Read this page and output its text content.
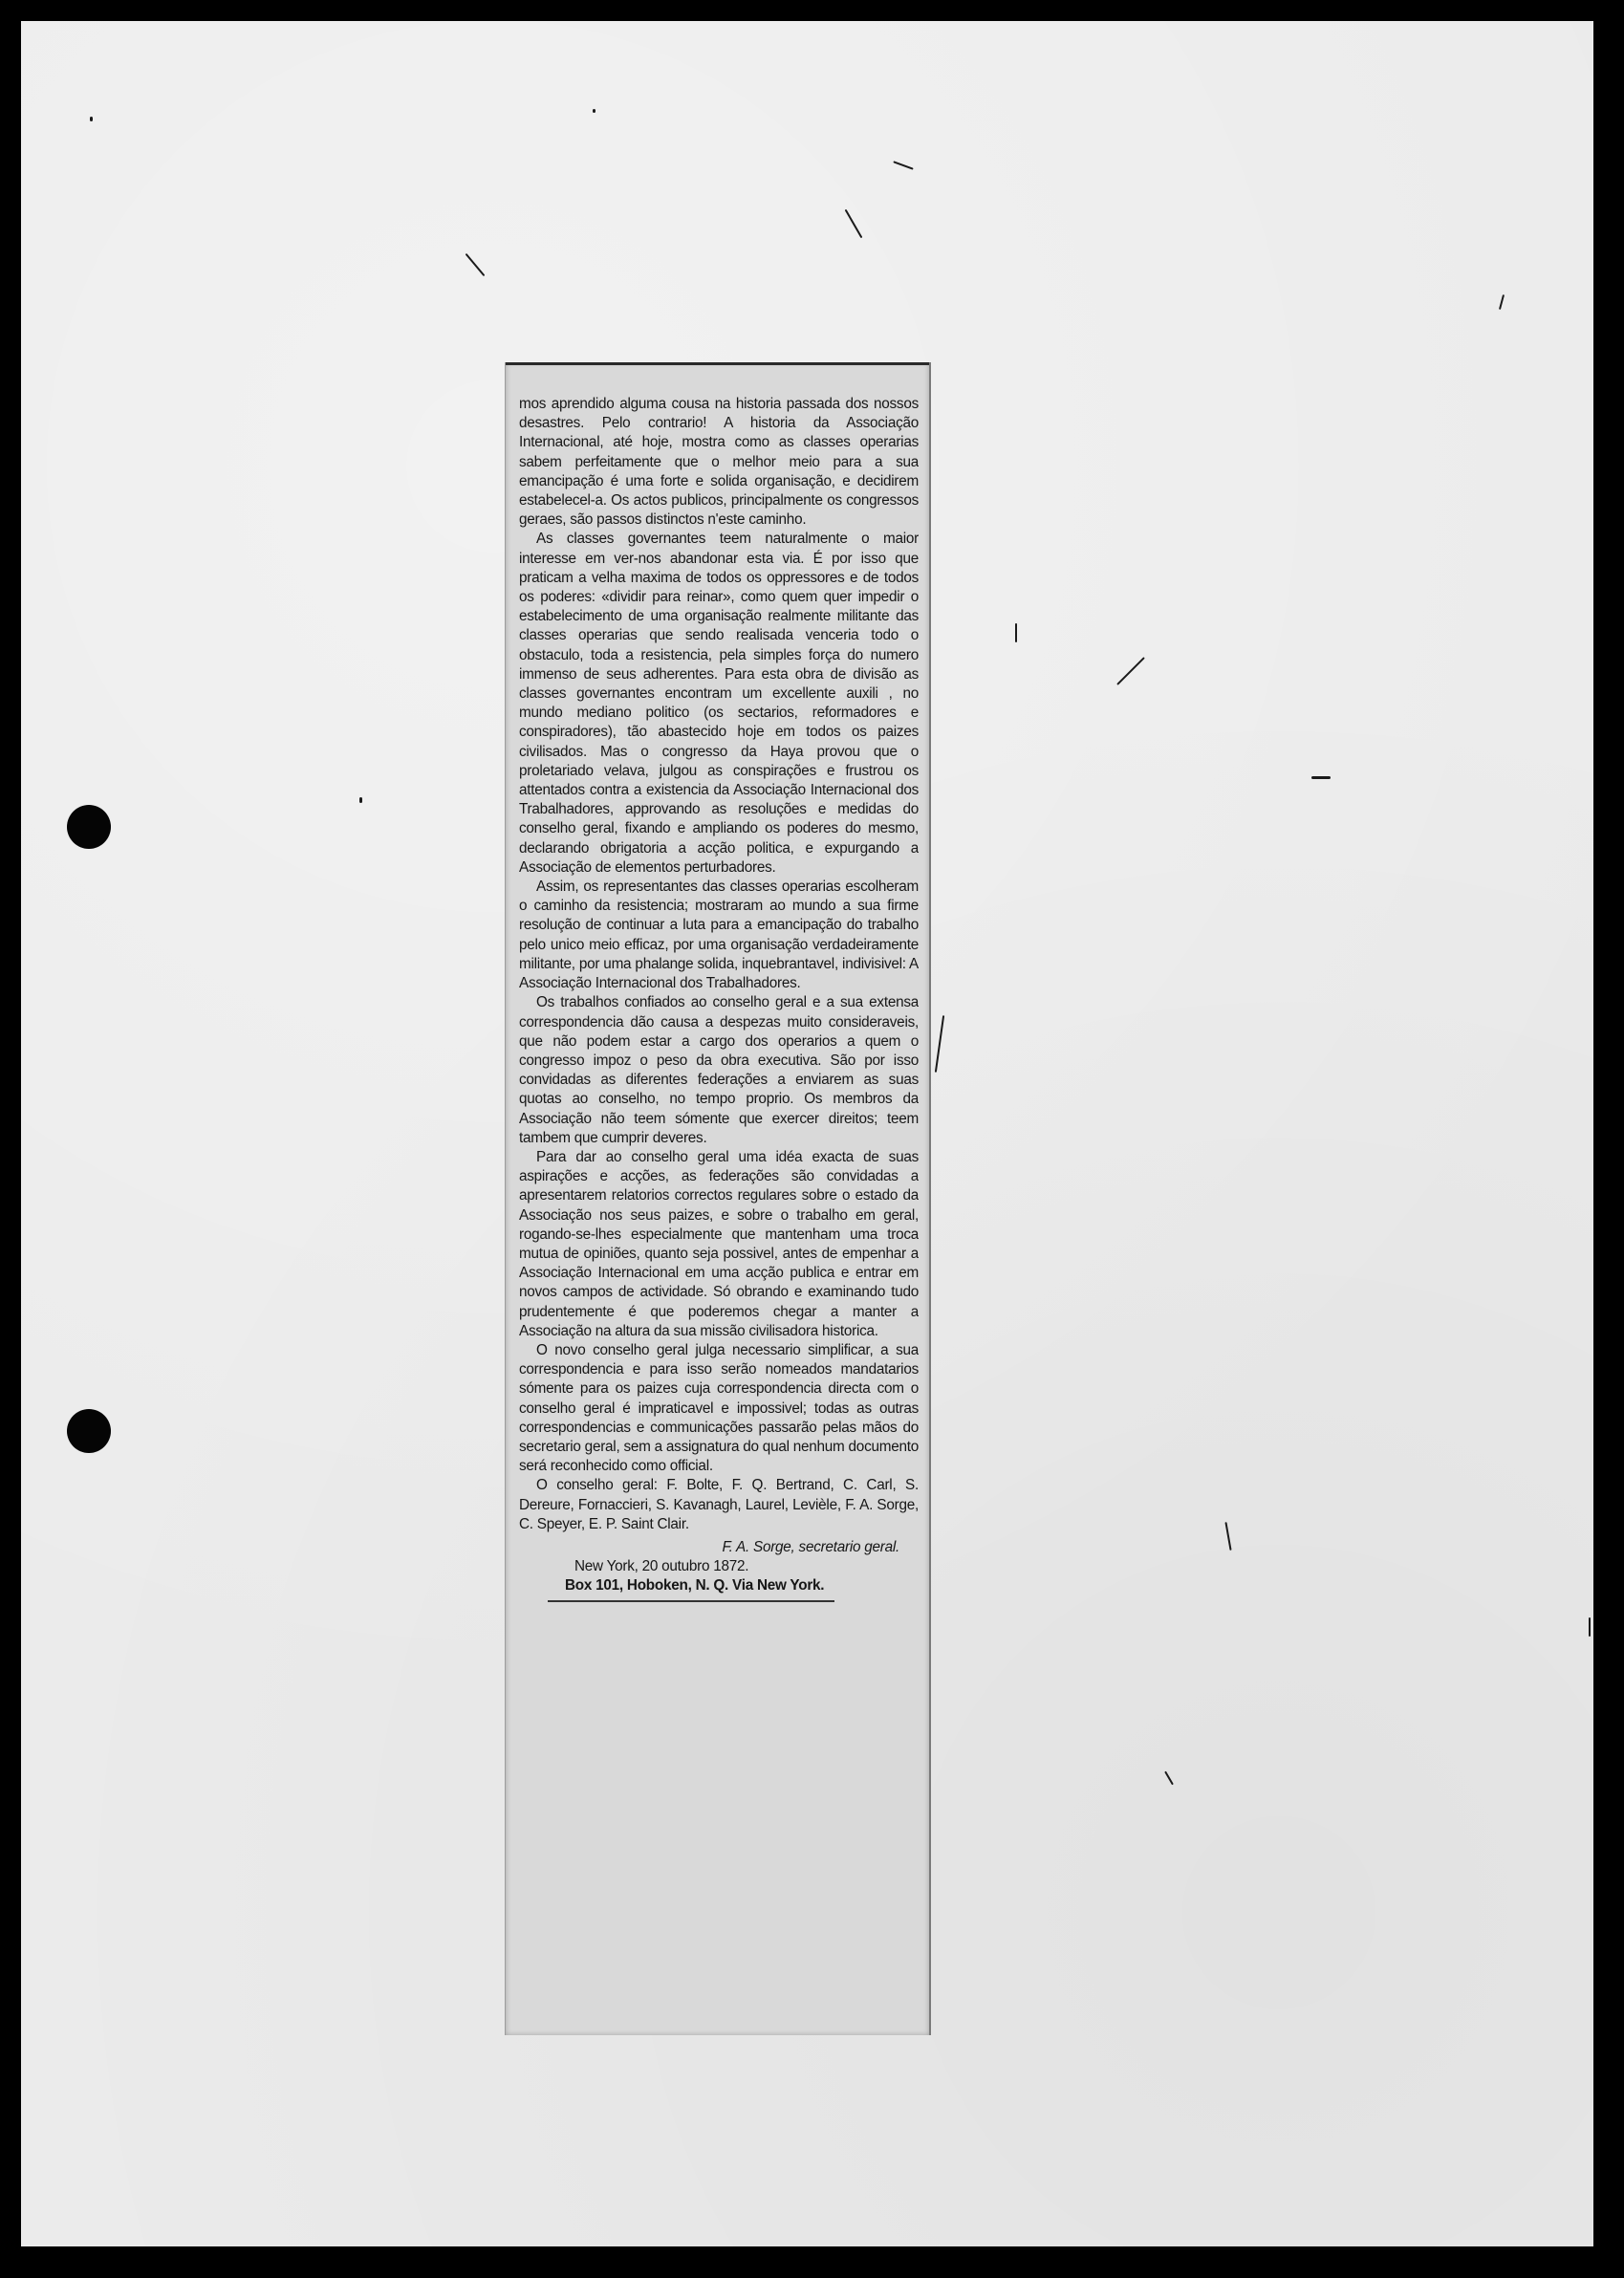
mos aprendido alguma cousa na historia passada dos nossos desastres. Pelo contrario! A historia da Associação Internacional, até hoje, mostra como as classes operarias sabem perfeitamente que o melhor meio para a sua emancipação é uma forte e solida organisação, e decidirem estabelecel-a. Os actos publicos, principalmente os congressos geraes, são passos distinctos n'este caminho.

As classes governantes teem naturalmente o maior interesse em ver-nos abandonar esta via. É por isso que praticam a velha maxima de todos os oppressores e de todos os poderes: «dividir para reinar», como quem quer impedir o estabelecimento de uma organisação realmente militante das classes operarias que sendo realisada venceria todo o obstaculo, toda a resistencia, pela simples força do numero immenso de seus adherentes. Para esta obra de divisão as classes governantes encontram um excellente auxili , no mundo mediano politico (os sectarios, reformadores e conspiradores), tão abastecido hoje em todos os paizes civilisados. Mas o congresso da Haya provou que o proletariado velava, julgou as conspirações e frustrou os attentados contra a existencia da Associação Internacional dos Trabalhadores, approvando as resoluções e medidas do conselho geral, fixando e ampliando os poderes do mesmo, declarando obrigatoria a acção politica, e expurgando a Associação de elementos perturbadores.

Assim, os representantes das classes operarias escolheram o caminho da resistencia; mostraram ao mundo a sua firme resolução de continuar a luta para a emancipação do trabalho pelo unico meio efficaz, por uma organisação verdadeiramente militante, por uma phalange solida, inquebrantavel, indivisivel: A Associação Internacional dos Trabalhadores.

Os trabalhos confiados ao conselho geral e a sua extensa correspondencia dão causa a despezas muito consideraveis, que não podem estar a cargo dos operarios a quem o congresso impoz o peso da obra executiva. São por isso convidadas as diferentes federações a enviarem as suas quotas ao conselho, no tempo proprio. Os membros da Associação não teem sómente que exercer direitos; teem tambem que cumprir deveres.

Para dar ao conselho geral uma idéa exacta de suas aspirações e acções, as federações são convidadas a apresentarem relatorios correctos regulares sobre o estado da Associação nos seus paizes, e sobre o trabalho em geral, rogando-se-lhes especialmente que mantenham uma troca mutua de opiniões, quanto seja possivel, antes de empenhar a Associação Internacional em uma acção publica e entrar em novos campos de actividade. Só obrando e examinando tudo prudentemente é que poderemos chegar a manter a Associação na altura da sua missão civilisadora historica.

O novo conselho geral julga necessario simplificar, a sua correspondencia e para isso serão nomeados mandatarios sómente para os paizes cuja correspondencia directa com o conselho geral é impraticavel e impossivel; todas as outras correspondencias e communicações passarão pelas mãos do secretario geral, sem a assignatura do qual nenhum documento será reconhecido como official.

O conselho geral: F. Bolte, F. Q. Bertrand, C. Carl, S. Dereure, Fornaccieri, S. Kavanagh, Laurel, Levièle, F. A. Sorge, C. Speyer, E. P. Saint Clair.

F. A. Sorge, secretario geral.

New York, 20 outubro 1872.

Box 101, Hoboken, N. Q. Via New York.
